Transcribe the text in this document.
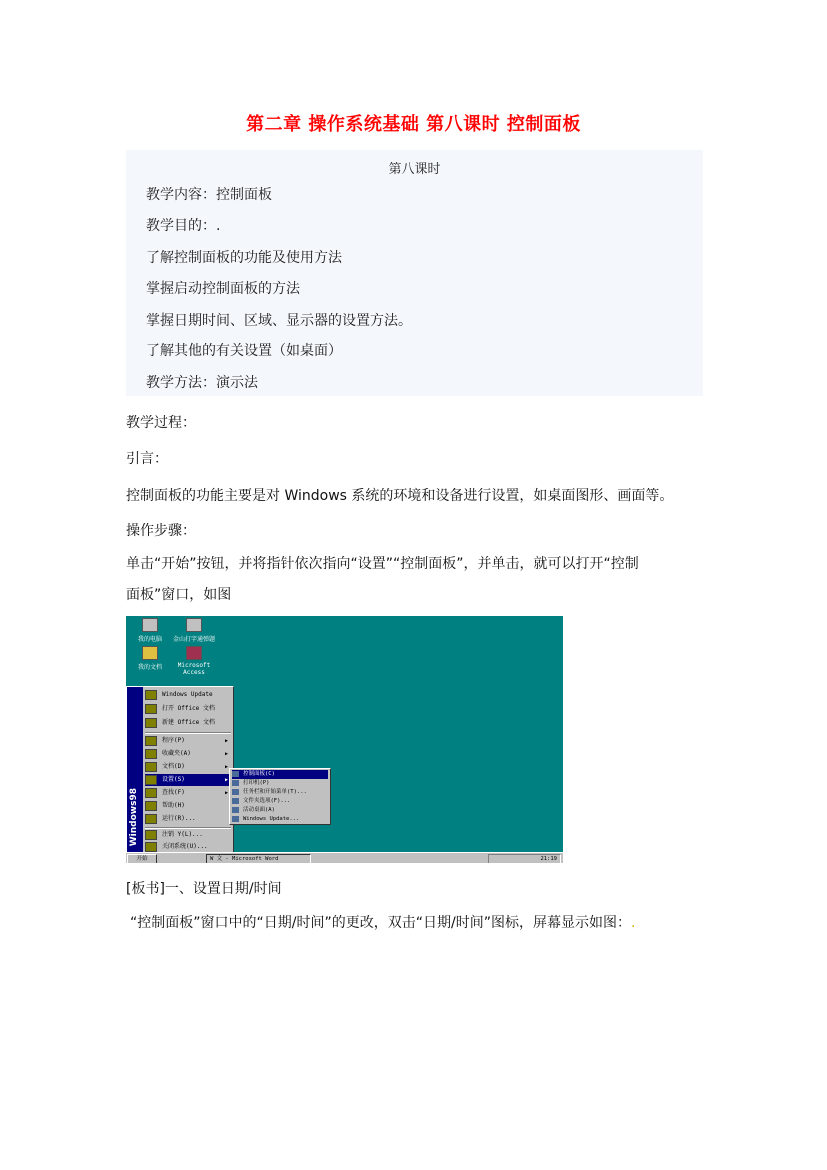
第二章 操作系统基础 第八课时 控制面板
第八课时
教学内容：控制面板
教学目的：.
了解控制面板的功能及使用方法
掌握启动控制面板的方法
掌握日期时间、区域、显示器的设置方法。
了解其他的有关设置（如桌面）
教学方法：演示法
教学过程：
引言：
控制面板的功能主要是对 Windows 系统的环境和设备进行设置，如桌面图形、画面等。
操作步骤：
单击“开始”按钮，并将指针依次指向“设置”“控制面板”，并单击，就可以打开“控制
面板”窗口，如图
我的电脑	金山打字通弹题
我的文档	Microsoft Access
Windows98
Windows Update
打开 Office 文档
新建 Office 文档
程序(P)	▶
收藏夹(A)	▶
文档(D)	▶
设置(S)	▶
查找(F)	▶
帮助(H)
运行(R)...
注销 Y(L)...
关闭系统(U)...
控制面板(C)
打印机(P)
任务栏和开始菜单(T)...
文件夹选项(F)...
活动桌面(A)
Windows Update...
开始	W 文 - Microsoft Word	21:19
[板书]一、设置日期/时间
“控制面板”窗口中的“日期/时间”的更改，双击“日期/时间”图标，屏幕显示如图：.
